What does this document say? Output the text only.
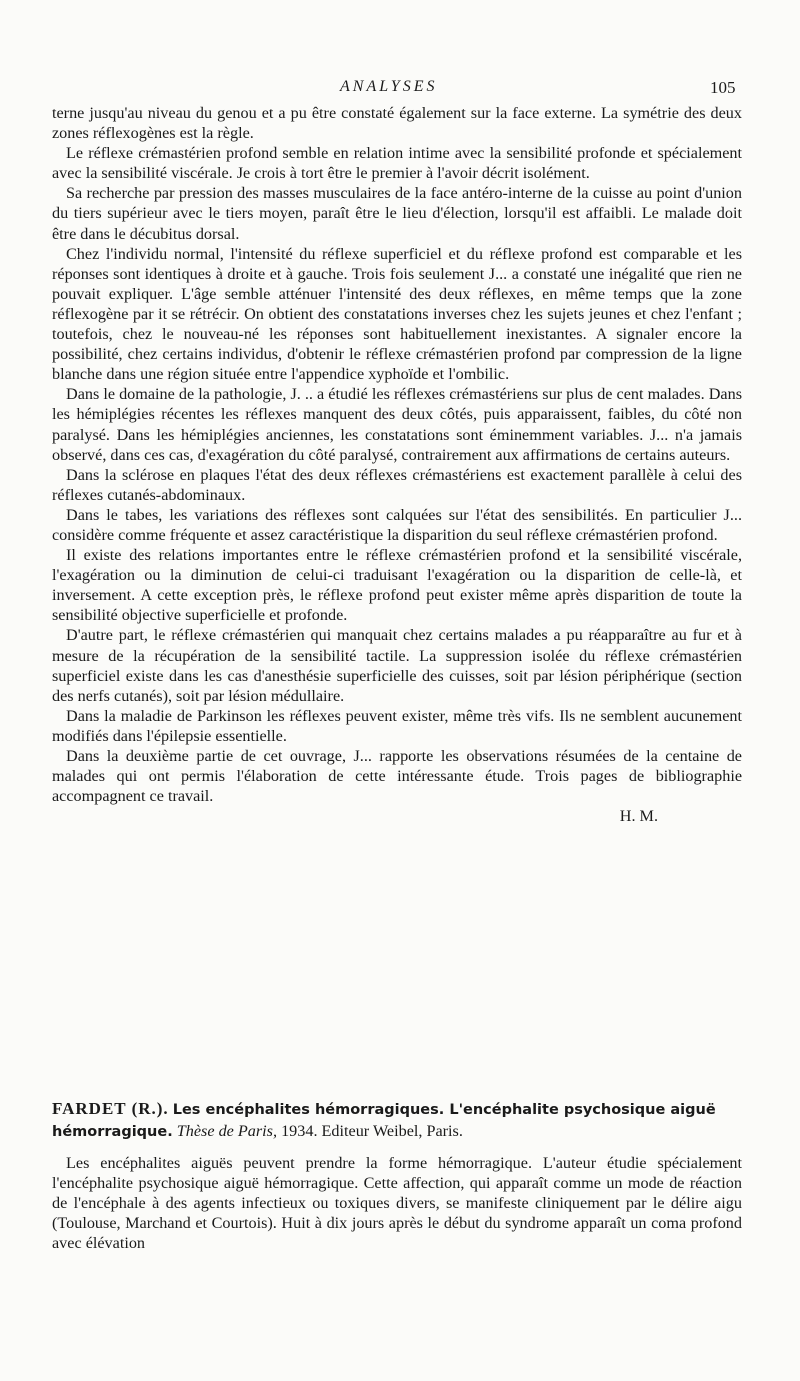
ANALYSES	105

terne jusqu'au niveau du genou et a pu être constaté également sur la face externe. La symétrie des deux zones réflexogènes est la règle.

Le réflexe crémastérien profond semble en relation intime avec la sensibilité profonde et spécialement avec la sensibilité viscérale. Je crois à tort être le premier à l'avoir décrit isolément.

Sa recherche par pression des masses musculaires de la face antéro-interne de la cuisse au point d'union du tiers supérieur avec le tiers moyen, paraît être le lieu d'élection, lorsqu'il est affaibli. Le malade doit être dans le décubitus dorsal.

Chez l'individu normal, l'intensité du réflexe superficiel et du réflexe profond est comparable et les réponses sont identiques à droite et à gauche. Trois fois seulement J... a constaté une inégalité que rien ne pouvait expliquer. L'âge semble atténuer l'intensité des deux réflexes, en même temps que la zone réflexogène par it se rétrécir. On obtient des constatations inverses chez les sujets jeunes et chez l'enfant ; toutefois, chez le nouveau-né les réponses sont habituellement inexistantes. A signaler encore la possibilité, chez certains individus, d'obtenir le réflexe crémastérien profond par compression de la ligne blanche dans une région située entre l'appendice xyphoïde et l'ombilic.

Dans le domaine de la pathologie, J. .. a étudié les réflexes crémastériens sur plus de cent malades. Dans les hémiplégies récentes les réflexes manquent des deux côtés, puis apparaissent, faibles, du côté non paralysé. Dans les hémiplégies anciennes, les constatations sont éminemment variables. J... n'a jamais observé, dans ces cas, d'exagération du côté paralysé, contrairement aux affirmations de certains auteurs.

Dans la sclérose en plaques l'état des deux réflexes crémastériens est exactement parallèle à celui des réflexes cutanés-abdominaux.

Dans le tabes, les variations des réflexes sont calquées sur l'état des sensibilités. En particulier J... considère comme fréquente et assez caractéristique la disparition du seul réflexe crémastérien profond.

Il existe des relations importantes entre le réflexe crémastérien profond et la sensibilité viscérale, l'exagération ou la diminution de celui-ci traduisant l'exagération ou la disparition de celle-là, et inversement. A cette exception près, le réflexe profond peut exister même après disparition de toute la sensibilité objective superficielle et profonde.

D'autre part, le réflexe crémastérien qui manquait chez certains malades a pu réapparaître au fur et à mesure de la récupération de la sensibilité tactile. La suppression isolée du réflexe crémastérien superficiel existe dans les cas d'anesthésie superficielle des cuisses, soit par lésion périphérique (section des nerfs cutanés), soit par lésion médullaire.

Dans la maladie de Parkinson les réflexes peuvent exister, même très vifs. Ils ne semblent aucunement modifiés dans l'épilepsie essentielle.

Dans la deuxième partie de cet ouvrage, J... rapporte les observations résumées de la centaine de malades qui ont permis l'élaboration de cette intéressante étude. Trois pages de bibliographie accompagnent ce travail.

H. M.

FARDET (R.). Les encéphalites hémorragiques. L'encéphalite psychosique aiguë hémorragique. Thèse de Paris, 1934. Editeur Weibel, Paris.

Les encéphalites aiguës peuvent prendre la forme hémorragique. L'auteur étudie spécialement l'encéphalite psychosique aiguë hémorragique. Cette affection, qui apparaît comme un mode de réaction de l'encéphale à des agents infectieux ou toxiques divers, se manifeste cliniquement par le délire aigu (Toulouse, Marchand et Courtois). Huit à dix jours après le début du syndrome apparaît un coma profond avec élévation
